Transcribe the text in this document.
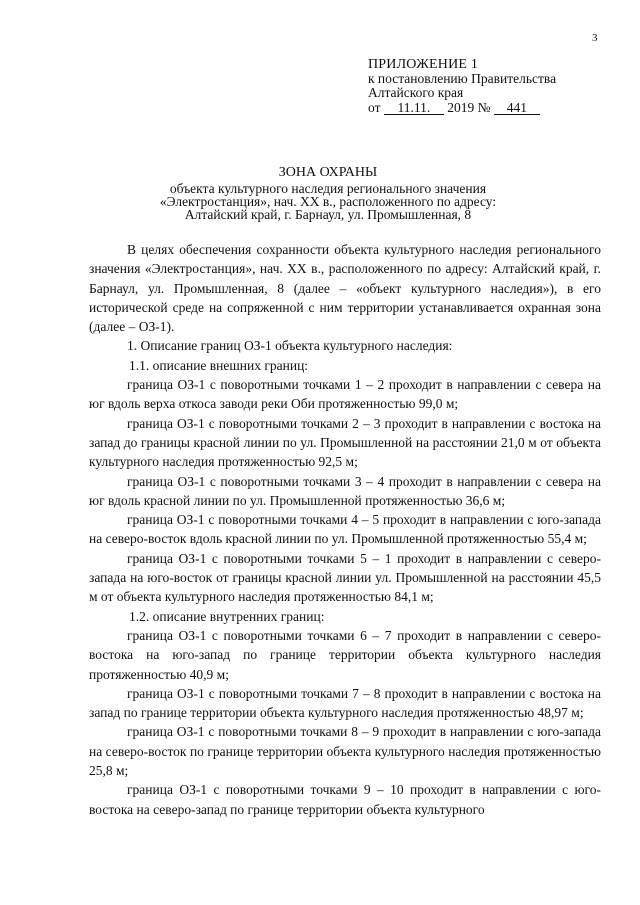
3
ПРИЛОЖЕНИЕ 1
к постановлению Правительства
Алтайского края
от 11.11. 2019 № 441
ЗОНА ОХРАНЫ
объекта культурного наследия регионального значения
«Электростанция», нач. XX в., расположенного по адресу:
Алтайский край, г. Барнаул, ул. Промышленная, 8

В целях обеспечения сохранности объекта культурного наследия регионального значения «Электростанция», нач. XX в., расположенного по адресу: Алтайский край, г. Барнаул, ул. Промышленная, 8 (далее – «объект культурного наследия»), в его исторической среде на сопряженной с ним территории устанавливается охранная зона (далее – ОЗ-1).

1. Описание границ ОЗ-1 объекта культурного наследия:

1.1. описание внешних границ:

граница ОЗ-1 с поворотными точками 1 – 2 проходит в направлении с севера на юг вдоль верха откоса заводи реки Оби протяженностью 99,0 м;

граница ОЗ-1 с поворотными точками 2 – 3 проходит в направлении с востока на запад до границы красной линии по ул. Промышленной на расстоянии 21,0 м от объекта культурного наследия протяженностью 92,5 м;

граница ОЗ-1 с поворотными точками 3 – 4 проходит в направлении с севера на юг вдоль красной линии по ул. Промышленной протяженностью 36,6 м;

граница ОЗ-1 с поворотными точками 4 – 5 проходит в направлении с юго-запада на северо-восток вдоль красной линии по ул. Промышленной протяженностью 55,4 м;

граница ОЗ-1 с поворотными точками 5 – 1 проходит в направлении с северо-запада на юго-восток от границы красной линии ул. Промышленной на расстоянии 45,5 м от объекта культурного наследия протяженностью 84,1 м;

1.2. описание внутренних границ:

граница ОЗ-1 с поворотными точками 6 – 7 проходит в направлении с северо-востока на юго-запад по границе территории объекта культурного наследия протяженностью 40,9 м;

граница ОЗ-1 с поворотными точками 7 – 8 проходит в направлении с востока на запад по границе территории объекта культурного наследия протяженностью 48,97 м;

граница ОЗ-1 с поворотными точками 8 – 9 проходит в направлении с юго-запада на северо-восток по границе территории объекта культурного наследия протяженностью 25,8 м;

граница ОЗ-1 с поворотными точками 9 – 10 проходит в направлении с юго-востока на северо-запад по границе территории объекта культурного
